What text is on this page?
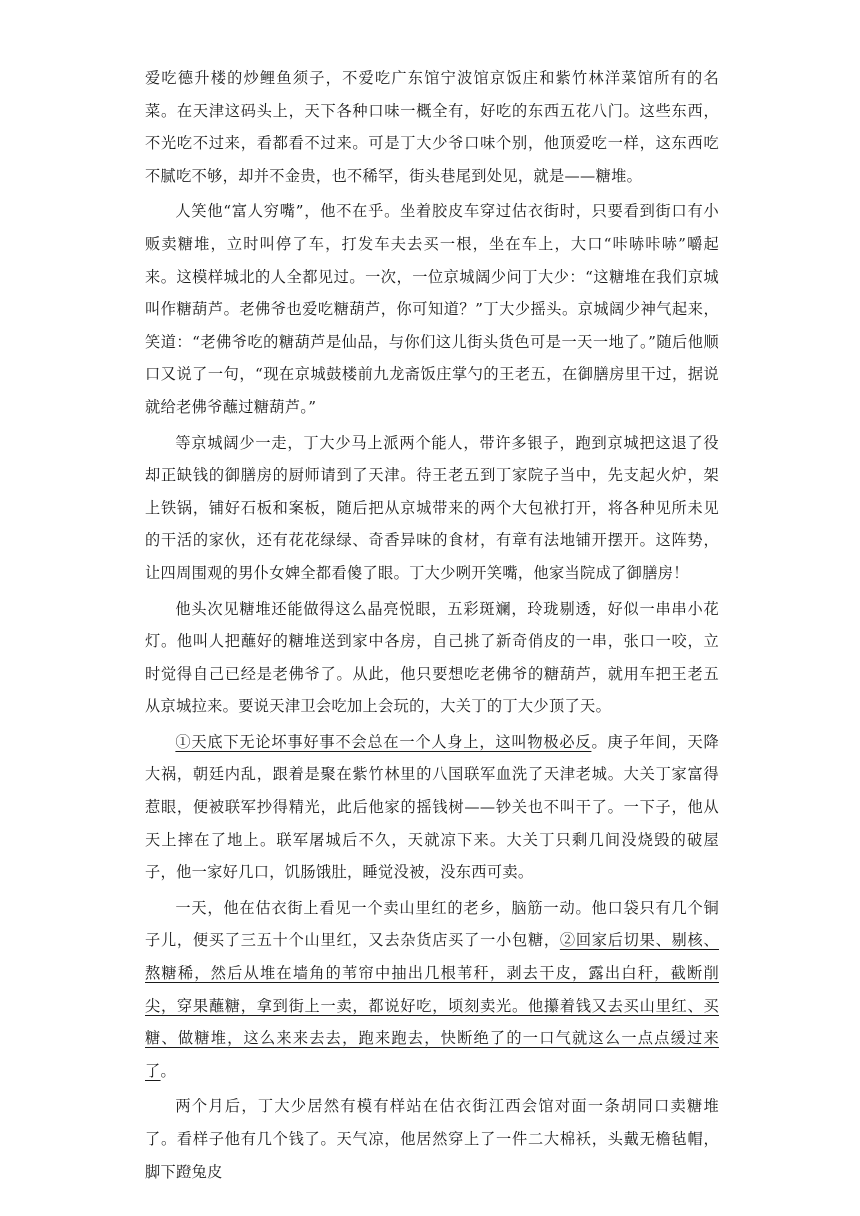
爱吃德升楼的炒鲤鱼须子，不爱吃广东馆宁波馆京饭庄和紫竹林洋菜馆所有的名菜。在天津这码头上，天下各种口味一概全有，好吃的东西五花八门。这些东西，不光吃不过来，看都看不过来。可是丁大少爷口味个别，他顶爱吃一样，这东西吃不腻吃不够，却并不金贵，也不稀罕，街头巷尾到处见，就是——糖堆。

人笑他“富人穷嘴”，他不在乎。坐着胶皮车穿过估衣街时，只要看到街口有小贩卖糖堆，立时叫停了车，打发车夫去买一根，坐在车上，大口“咔哧咔哧”嚼起来。这模样城北的人全都见过。一次，一位京城阔少问丁大少：“这糖堆在我们京城叫作糖葫芦。老佛爷也爱吃糖葫芦，你可知道？”丁大少摇头。京城阔少神气起来，笑道：“老佛爷吃的糖葫芦是仙品，与你们这儿街头货色可是一天一地了。”随后他顺口又说了一句，“现在京城鼓楼前九龙斋饭庄掌勺的王老五，在御膳房里干过，据说就给老佛爷蘸过糖葫芦。”

等京城阔少一走，丁大少马上派两个能人，带许多银子，跑到京城把这退了役却正缺钱的御膳房的厨师请到了天津。待王老五到丁家院子当中，先支起火炉，架上铁锅，铺好石板和案板，随后把从京城带来的两个大包袱打开，将各种见所未见的干活的家伙，还有花花绿绿、奇香异味的食材，有章有法地铺开摆开。这阵势，让四周围观的男仆女婢全都看傻了眼。丁大少咧开笑嘴，他家当院成了御膳房！

他头次见糖堆还能做得这么晶亮悦眼，五彩斑斓，玲珑剔透，好似一串串小花灯。他叫人把蘸好的糖堆送到家中各房，自己挑了新奇俏皮的一串，张口一咬，立时觉得自己已经是老佛爷了。从此，他只要想吃老佛爷的糖葫芦，就用车把王老五从京城拉来。要说天津卫会吃加上会玩的，大关丁的丁大少顶了天。

①天底下无论坏事好事不会总在一个人身上，这叫物极必反。庚子年间，天降大祸，朝廷内乱，跟着是聚在紫竹林里的八国联军血洗了天津老城。大关丁家富得惹眼，便被联军抄得精光，此后他家的摇钱树——钞关也不叫干了。一下子，他从天上摔在了地上。联军屠城后不久，天就凉下来。大关丁只剩几间没烧毁的破屋子，他一家好几口，饥肠饿肚，睡觉没被，没东西可卖。

一天，他在估衣街上看见一个卖山里红的老乡，脑筋一动。他口袋只有几个铜子儿，便买了三五十个山里红，又去杂货店买了一小包糖，②回家后切果、剔核、熬糖稀，然后从堆在墙角的苇帘中抽出几根苇秆，剥去干皮，露出白秆，截断削尖，穿果蘸糖，拿到街上一卖，都说好吃，顷刻卖光。他攥着钱又去买山里红、买糖、做糖堆，这么来来去去，跑来跑去，快断绝了的一口气就这么一点点缓过来了。

两个月后，丁大少居然有模有样站在估衣街江西会馆对面一条胡同口卖糖堆了。看样子他有几个钱了。天气凉，他居然穿上了一件二大棉袄，头戴无檐毡帽，脚下蹬兔皮
